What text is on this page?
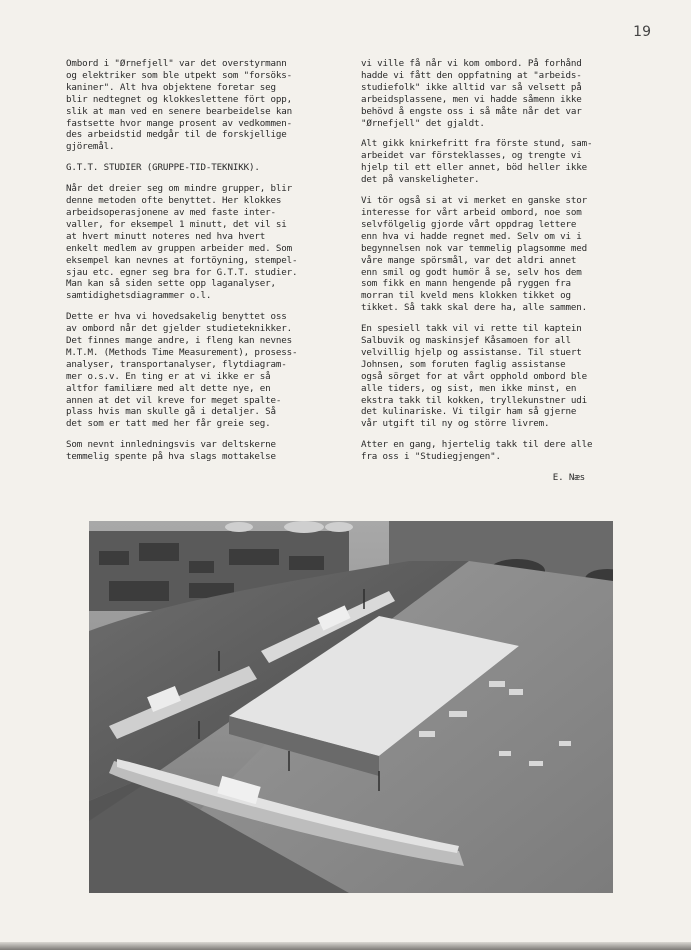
19

Ombord i "Ørnefjell" var det overstyrmann
og elektriker som ble utpekt som "forsöks-
kaniner". Alt hva objektene foretar seg
blir nedtegnet og klokkeslettene fört opp,
slik at man ved en senere bearbeidelse kan
fastsette hvor mange prosent av vedkommen-
des arbeidstid medgår til de forskjellige
gjöremål.

G.T.T. STUDIER (GRUPPE-TID-TEKNIKK).

Når det dreier seg om mindre grupper, blir
denne metoden ofte benyttet. Her klokkes
arbeidsoperasjonene av med faste inter-
valler, for eksempel 1 minutt, det vil si
at hvert minutt noteres ned hva hvert
enkelt medlem av gruppen arbeider med. Som
eksempel kan nevnes at fortöyning, stempel-
sjau etc. egner seg bra for G.T.T. studier.
Man kan så siden sette opp laganalyser,
samtidighetsdiagrammer o.l.

Dette er hva vi hovedsakelig benyttet oss
av ombord når det gjelder studieteknikker.
Det finnes mange andre, i fleng kan nevnes
M.T.M. (Methods Time Measurement), prosess-
analyser, transportanalyser, flytdiagram-
mer o.s.v. En ting er at vi ikke er så
altfor familiære med alt dette nye, en
annen at det vil kreve for meget spalte-
plass hvis man skulle gå i detaljer. Så
det som er tatt med her får greie seg.

Som nevnt innledningsvis var deltskerne
temmelig spente på hva slags mottakelse

vi ville få når vi kom ombord. På forhånd
hadde vi fått den oppfatning at "arbeids-
studiefolk" ikke alltid var så velsett på
arbeidsplassene, men vi hadde såmenn ikke
behövd å engste oss i så måte når det var
"Ørnefjell" det gjaldt.

Alt gikk knirkefritt fra förste stund, sam-
arbeidet var försteklasses, og trengte vi
hjelp til ett eller annet, böd heller ikke
det på vanskeligheter.

Vi tör også si at vi merket en ganske stor
interesse for vårt arbeid ombord, noe som
selvfölgelig gjorde vårt oppdrag lettere
enn hva vi hadde regnet med. Selv om vi i
begynnelsen nok var temmelig plagsomme med
våre mange spörsmål, var det aldri annet
enn smil og godt humör å se, selv hos dem
som fikk en mann hengende på ryggen fra
morran til kveld mens klokken tikket og
tikket. Så takk skal dere ha, alle sammen.

En spesiell takk vil vi rette til kaptein
Salbuvik og maskinsjef Kåsamoen for all
velvillig hjelp og assistanse. Til stuert
Johnsen, som foruten faglig assistanse
også sörget for at vårt opphold ombord ble
alle tiders, og sist, men ikke minst, en
ekstra takk til kokken, tryllekunstner udi
det kulinariske. Vi tilgir ham så gjerne
vår utgift til ny og större livrem.

Atter en gang, hjertelig takk til dere alle
fra oss i "Studiegjengen".

E. Næs
